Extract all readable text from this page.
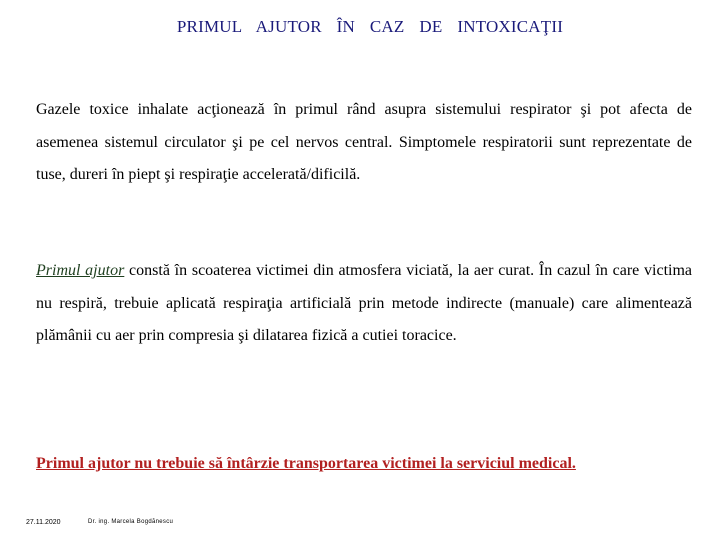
PRIMUL  AJUTOR  ÎN  CAZ  DE  INTOXICAŢII

Gazele toxice inhalate acţionează în primul rând asupra sistemului respirator şi pot afecta de asemenea sistemul circulator şi pe cel nervos central. Simptomele respiratorii sunt reprezentate de tuse, dureri în piept şi respiraţie accelerată/dificilă.

Primul ajutor constă în scoaterea victimei din atmosfera viciată, la aer curat. În cazul în care victima nu respiră, trebuie aplicată respiraţia artificială prin metode indirecte (manuale) care alimentează plămânii cu aer prin compresia şi dilatarea fizică a cutiei toracice.

Primul ajutor nu trebuie să întârzie transportarea victimei la serviciul medical.
27.11.2020	Dr. ing. Marcela Bogdănescu
